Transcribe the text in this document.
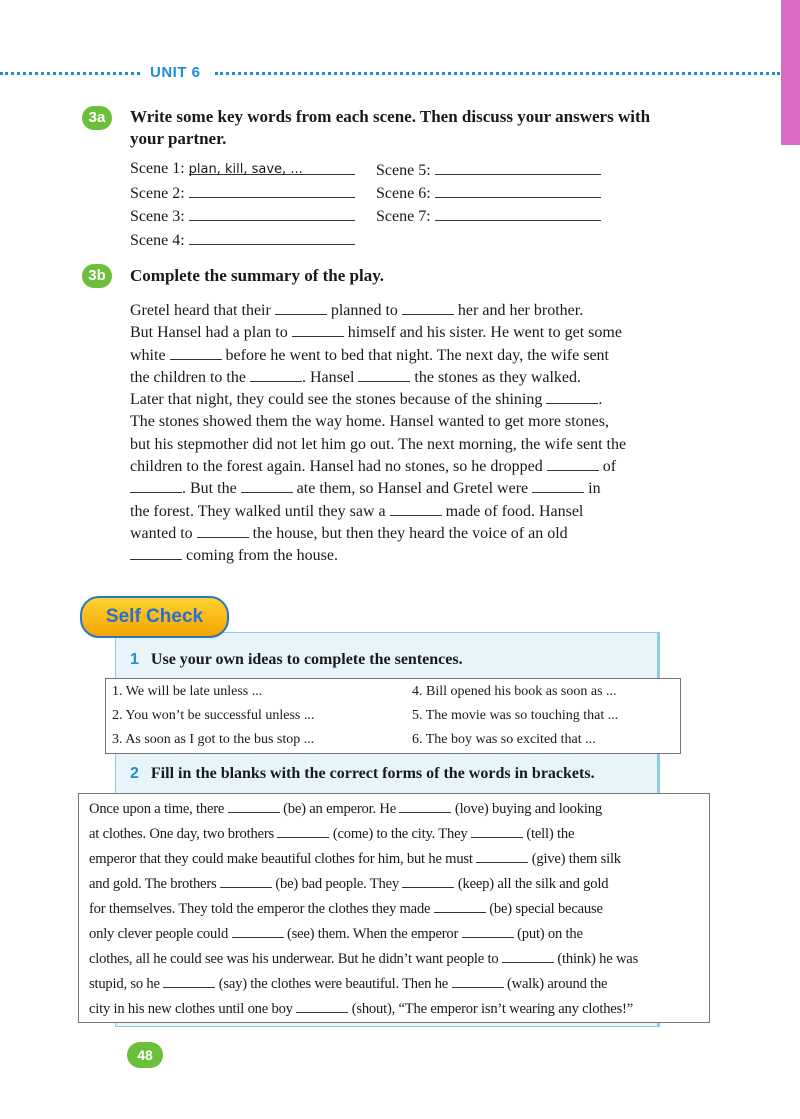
UNIT 6
3a	Write some key words from each scene. Then discuss your answers with
your partner.
Scene 1: plan, kill, save, ...
Scene 2:
Scene 3:
Scene 4:
Scene 5:
Scene 6:
Scene 7:
3b	Complete the summary of the play.
Gretel heard that their	planned to	her and her brother.
But Hansel had a plan to	himself and his sister. He went to get some
white	before he went to bed that night. The next day, the wife sent
the children to the	. Hansel	the stones as they walked.
Later that night, they could see the stones because of the shining	.
The stones showed them the way home. Hansel wanted to get more stones,
but his stepmother did not let him go out. The next morning, the wife sent the
children to the forest again. Hansel had no stones, so he dropped	of
. But the	ate them, so Hansel and Gretel were	in
the forest. They walked until they saw a	made of food. Hansel
wanted to	the house, but then they heard the voice of an old
coming from the house.
Self Check
1 Use your own ideas to complete the sentences.
1. We will be late unless ...
2. You won’t be successful unless ...
3. As soon as I got to the bus stop ...
4. Bill opened his book as soon as ...
5. The movie was so touching that ...
6. The boy was so excited that ...
2 Fill in the blanks with the correct forms of the words in brackets.
Once upon a time, there	(be) an emperor. He	(love) buying and looking
at clothes. One day, two brothers	(come) to the city. They	(tell) the
emperor that they could make beautiful clothes for him, but he must	(give) them silk
and gold. The brothers	(be) bad people. They	(keep) all the silk and gold
for themselves. They told the emperor the clothes they made	(be) special because
only clever people could	(see) them. When the emperor	(put) on the
clothes, all he could see was his underwear. But he didn’t want people to	(think) he was
stupid, so he	(say) the clothes were beautiful. Then he	(walk) around the
city in his new clothes until one boy	(shout), “The emperor isn’t wearing any clothes!”
48
